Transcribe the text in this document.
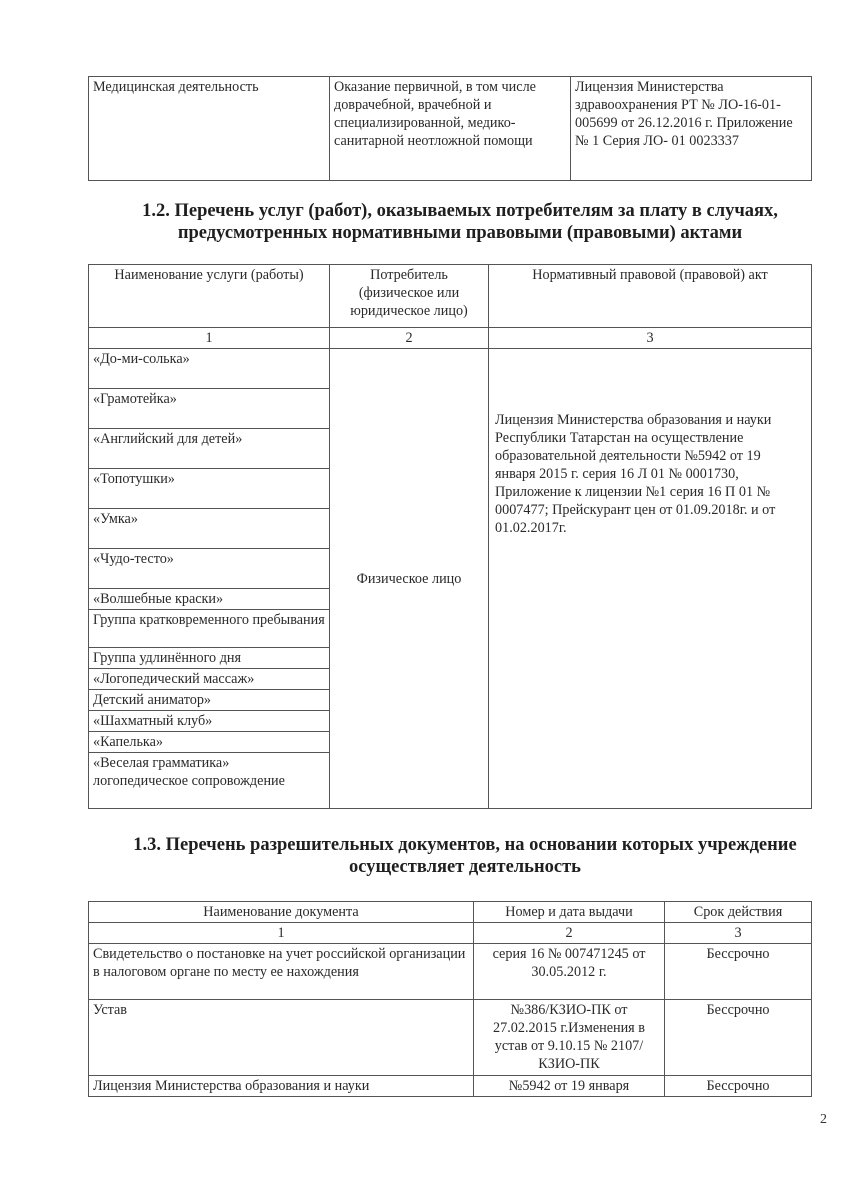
Медицинская деятельность	Оказание первичной, в том числе доврачебной, врачебной и специализированной, медико-санитарной неотложной помощи	Лицензия Министерства здравоохранения РТ № ЛО-16-01-005699 от 26.12.2016 г. Приложение № 1 Серия ЛО- 01 0023337
1.2. Перечень услуг (работ), оказываемых потребителям за плату в случаях, предусмотренных нормативными правовыми (правовыми) актами
Наименование услуги (работы)	Потребитель (физическое или юридическое лицо)	Нормативный правовой (правовой) акт
1	2	3
«До-ми-солька»	Физическое лицо	Лицензия Министерства образования и науки Республики Татарстан на осуществление образовательной деятельности №5942 от 19 января 2015 г. серия 16 Л 01 № 0001730, Приложение к лицензии №1 серия 16 П 01 № 0007477; Прейскурант цен от 01.09.2018г. и от 01.02.2017г.
«Грамотейка»		
«Английский для детей»		
«Топотушки»		
«Умка»		
«Чудо-тесто»		
«Волшебные краски»		
Группа кратковременного пребывания		
Группа удлинённого дня		
«Логопедический массаж»		
Детский аниматор»		
«Шахматный клуб»		
«Капелька»		
«Веселая грамматика» логопедическое сопровождение		
1.3. Перечень разрешительных документов, на основании которых учреждение осуществляет деятельность
Наименование документа	Номер и дата выдачи	Срок действия
1	2	3
Свидетельство о постановке на учет российской организации в налоговом органе по месту ее нахождения	серия 16 № 007471245 от 30.05.2012 г.	Бессрочно
Устав	№386/КЗИО-ПК от 27.02.2015 г.Изменения в устав от 9.10.15 № 2107/КЗИО-ПК	Бессрочно
Лицензия Министерства образования и науки	№5942 от 19 января	Бессрочно
2
